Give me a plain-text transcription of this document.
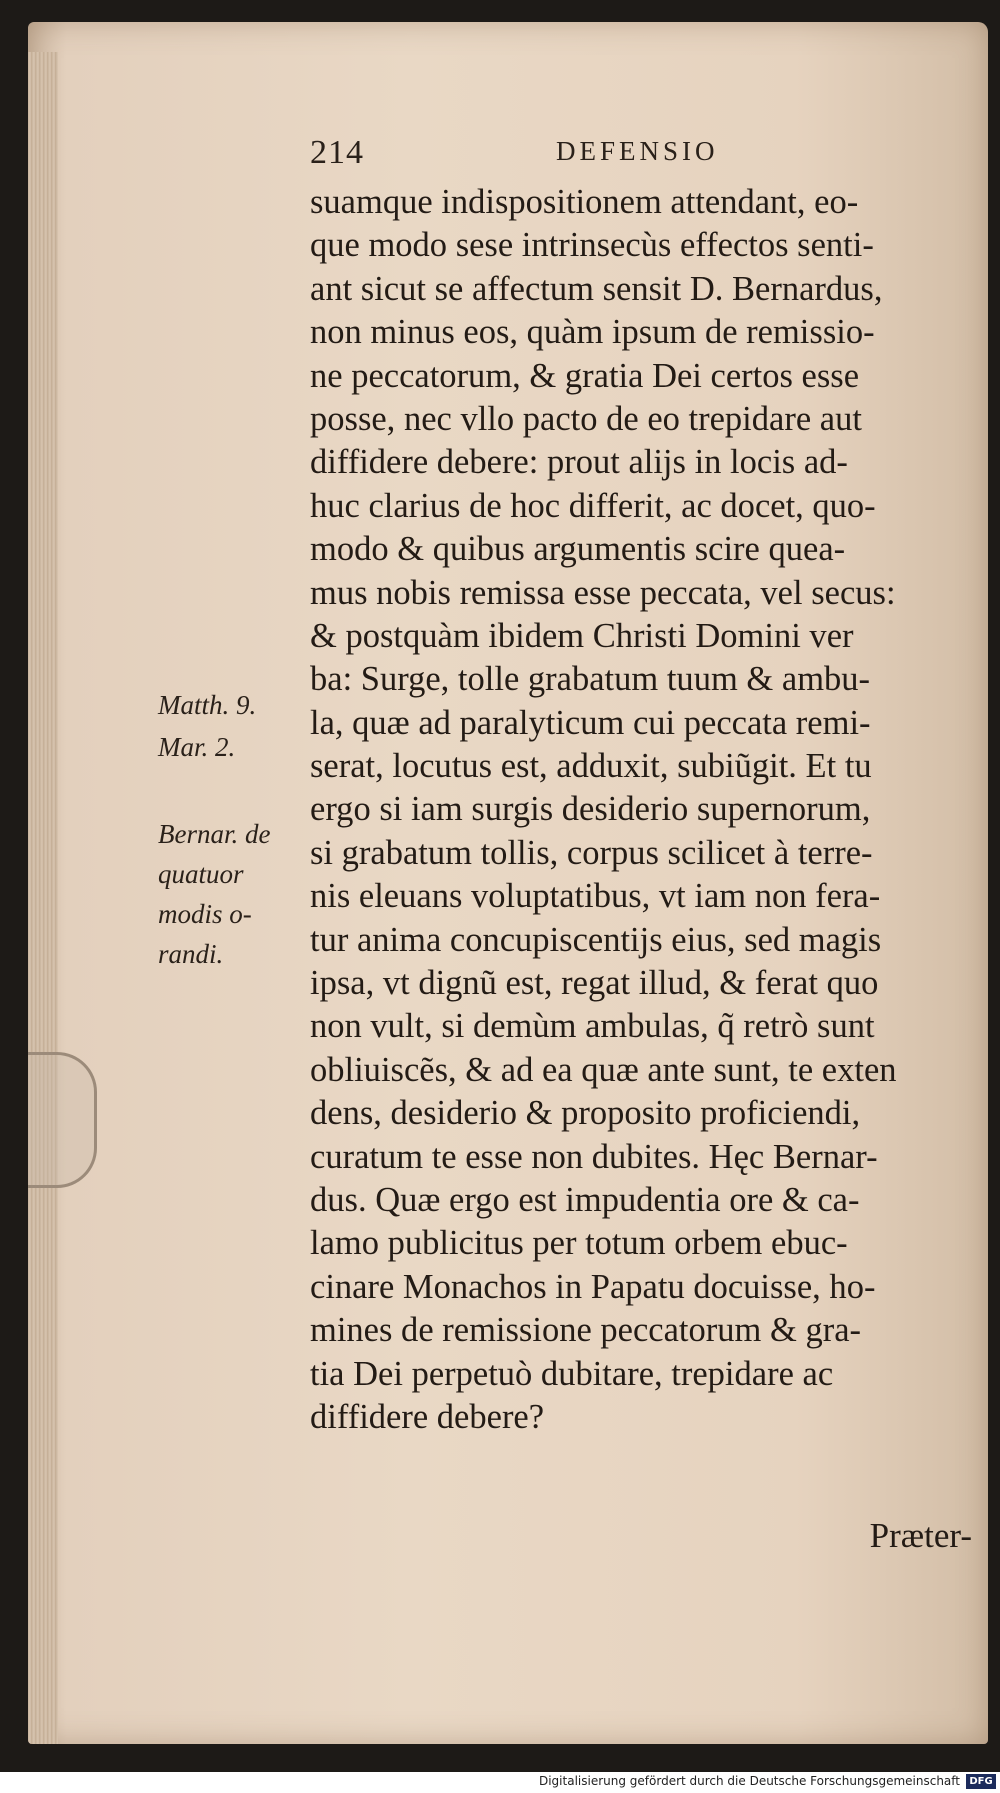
214	DEFENSIO
suamque indispositionem attendant, eo-
que modo sese intrinsecùs effectos senti-
ant sicut se affectum sensit D. Bernardus,
non minus eos, quàm ipsum de remissio-
ne peccatorum, & gratia Dei certos esse
posse, nec vllo pacto de eo trepidare aut
diffidere debere: prout alijs in locis ad-
huc clarius de hoc differit, ac docet, quo-
modo & quibus argumentis scire quea-
mus nobis remissa esse peccata, vel secus:
& postquàm ibidem Christi Domini ver
ba: Surge, tolle grabatum tuum & ambu-
la, quæ ad paralyticum cui peccata remi-
serat, locutus est, adduxit, subiũgit. Et tu
ergo si iam surgis desiderio supernorum,
si grabatum tollis, corpus scilicet à terre-
nis eleuans voluptatibus, vt iam non fera-
tur anima concupiscentijs eius, sed magis
ipsa, vt dignũ est, regat illud, & ferat quo
non vult, si demùm ambulas, q̃ retrò sunt
obliuiscẽs, & ad ea quæ ante sunt, te exten
dens, desiderio & proposito proficiendi,
curatum te esse non dubites. Hęc Bernar-
dus. Quæ ergo est impudentia ore & ca-
lamo publicitus per totum orbem ebuc-
cinare Monachos in Papatu docuisse, ho-
mines de remissione peccatorum & gra-
tia Dei perpetuò dubitare, trepidare ac
diffidere debere?
Matth. 9.
Mar. 2.
Bernar. de
quatuor
modis o-
randi.
Præter-
Digitalisierung gefördert durch die Deutsche Forschungsgemeinschaft DFG
